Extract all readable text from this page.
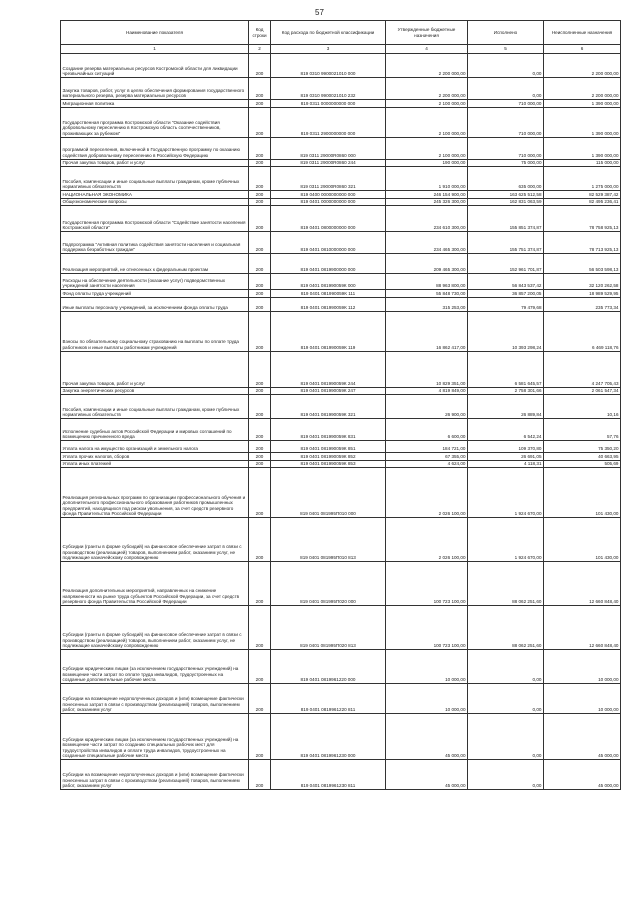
57
Наименование показателя	Код строки	Код расхода по бюджетной классификации	Утвержденные бюджетные назначения	Исполнено	Неисполненные назначения
1	2	3	4	5	6
Создание резерва материальных ресурсов Костромской области для ликвидации чрезвычайных ситуаций	200	819 0310 9900021010 000	2 200 000,00	0,00	2 200 000,00
Закупка товаров, работ, услуг в целях обеспечения формирования государственного материального резерва, резерва материальных ресурсов	200	819 0310 9900021010 232	2 200 000,00	0,00	2 200 000,00
Миграционная политика	200	819 0311 0000000000 000	2 100 000,00	710 000,00	1 390 000,00
Государственная программа Костромской области "Оказание содействия добровольному переселению в Костромскую область соотечественников, проживающих за рубежом"	200	819 0311 2900000000 000	2 100 000,00	710 000,00	1 390 000,00
программой переселения, включенной в Государственную программу по оказанию содействия добровольному переселению в Российскую Федерацию	200	819 0311 29000R0860 000	2 100 000,00	710 000,00	1 390 000,00
Прочая закупка товаров, работ и услуг	200	819 0311 29000R0860 244	190 000,00	75 000,00	115 000,00
Пособия, компенсации и иные социальные выплаты гражданам, кроме публичных нормативных обязательств	200	819 0311 29000R0860 321	1 910 000,00	635 000,00	1 275 000,00
НАЦИОНАЛЬНАЯ ЭКОНОМИКА	200	819 0400 0000000000 000	246 154 900,00	163 625 512,58	82 529 387,42
Общеэкономические вопросы	200	819 0401 0000000000 000	245 326 300,00	162 831 063,59	82 495 236,41
Государственная программа Костромской области "Содействие занятости населения Костромской области"	200	819 0401 0800000000 000	234 610 300,00	155 851 374,87	78 758 925,13
Подпрограмма "Активная политика содействия занятости населения и социальная поддержка безработных граждан"	200	819 0401 0810000000 000	234 465 300,00	155 751 374,87	78 713 925,13
Реализация мероприятий, не отнесенных к федеральным проектам	200	819 0401 0819900000 000	209 465 300,00	152 961 701,87	56 503 598,13
Расходы на обеспечение деятельности (оказание услуг) подведомственных учреждений занятости населения	200	819 0401 081990059К 000	88 963 800,00	56 843 537,42	32 120 262,58
Фонд оплаты труда учреждений	200	819 0401 081990059К 111	55 848 730,00	36 857 200,05	18 989 529,95
Иные выплаты персоналу учреждений, за исключением фонда оплаты труда	200	819 0401 081990059К 112	315 253,00	79 479,68	235 773,34
Взносы по обязательному социальному страхованию на выплаты по оплате труда работников и иные выплаты работникам учреждений	200	819 0401 081990059К 119	16 862 417,00	10 393 298,24	6 469 118,76
Прочая закупка товаров, работ и услуг	200	819 0401 081990059К 244	10 829 351,00	6 581 645,57	4 247 705,43
Закупка энергетических ресурсов	200	819 0401 081990059К 247	4 819 849,00	2 758 301,66	2 061 547,34
Пособия, компенсации и иные социальные выплаты гражданам, кроме публичных нормативных обязательств	200	819 0401 081990059К 321	26 900,00	26 889,84	10,16
Исполнение судебных актов Российской Федерации и мировых соглашений по возмещению причиненного вреда	200	819 0401 081990059К 831	6 600,00	6 542,24	57,76
Уплата налога на имущество организаций и земельного налога	200	819 0401 081990059К 851	184 721,00	109 370,80	75 350,20
Уплата прочих налогов, сборов	200	819 0401 081990059К 852	67 355,00	26 691,05	40 663,95
Уплата иных платежей	200	819 0401 081990059К 853	4 624,00	4 118,31	505,69
Реализация региональных программ по организации профессионального обучения и дополнительного профессионального образования работников промышленных предприятий, находящихся под риском увольнения, за счет средств резервного фонда Правительства Российской Федерации	200	819 0401 081995П010 000	2 026 100,00	1 924 670,00	101 430,00
Субсидии (гранты в форме субсидий) на финансовое обеспечение затрат в связи с производством (реализацией) товаров, выполнением работ, оказанием услуг, не подлежащие казначейскому сопровождению	200	819 0401 081995П010 813	2 026 100,00	1 924 670,00	101 430,00
Реализация дополнительных мероприятий, направленных на снижение напряженности на рынке труда субъектов Российской Федерации, за счет средств резервного фонда Правительства Российской Федерации	200	819 0401 081995П020 000	100 723 100,00	88 062 251,60	12 660 848,40
Субсидии (гранты в форме субсидий) на финансовое обеспечение затрат в связи с производством (реализацией) товаров, выполнением работ, оказанием услуг, не подлежащие казначейскому сопровождению	200	819 0401 081995П020 813	100 723 100,00	88 062 251,60	12 660 848,40
Субсидии юридическим лицам (за исключением государственных учреждений) на возмещение части затрат по оплате труда инвалидов, трудоустроенных на созданные дополнительные рабочие места	200	819 0401 0819961220 000	10 000,00	0,00	10 000,00
Субсидии на возмещение недополученных доходов и (или) возмещение фактически понесенных затрат в связи с производством (реализацией) товаров, выполнением работ, оказанием услуг	200	819 0401 0819961220 811	10 000,00	0,00	10 000,00
Субсидии юридическим лицам (за исключением государственных учреждений) на возмещение части затрат по созданию специальных рабочих мест для трудоустройства инвалидов и оплате труда инвалидов, трудоустроенных на созданные специальные рабочие места	200	819 0401 0819961230 000	45 000,00	0,00	45 000,00
Субсидии на возмещение недополученных доходов и (или) возмещение фактически понесенных затрат в связи с производством (реализацией) товаров, выполнением работ, оказанием услуг	200	819 0401 0819961230 811	45 000,00	0,00	45 000,00
